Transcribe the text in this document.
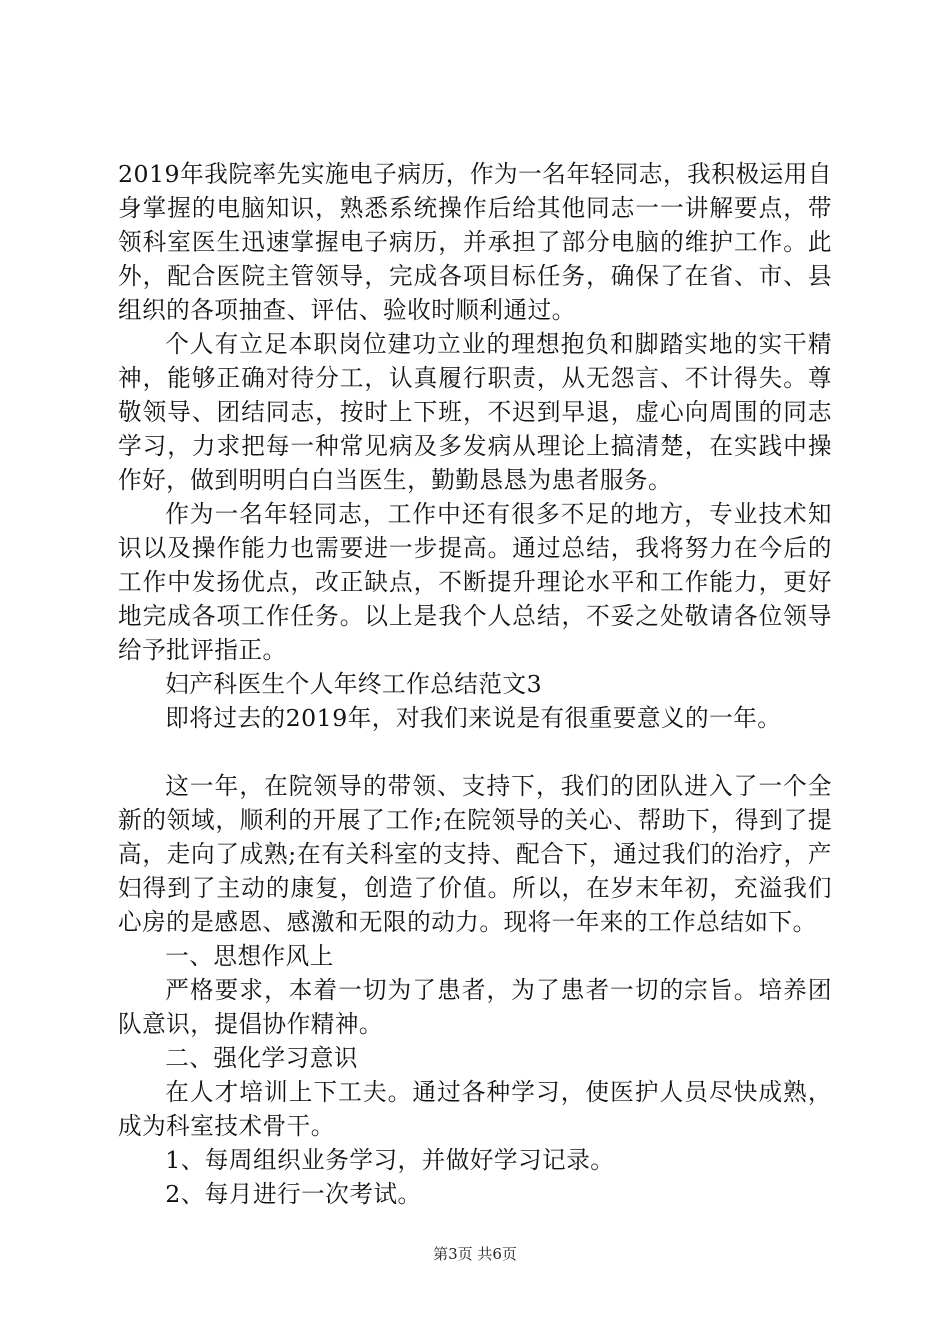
2019年我院率先实施电子病历，作为一名年轻同志，我积极运用自身掌握的电脑知识，熟悉系统操作后给其他同志一一讲解要点，带领科室医生迅速掌握电子病历，并承担了部分电脑的维护工作。此外，配合医院主管领导，完成各项目标任务，确保了在省、市、县组织的各项抽查、评估、验收时顺利通过。

个人有立足本职岗位建功立业的理想抱负和脚踏实地的实干精神，能够正确对待分工，认真履行职责，从无怨言、不计得失。尊敬领导、团结同志，按时上下班，不迟到早退，虚心向周围的同志学习，力求把每一种常见病及多发病从理论上搞清楚，在实践中操作好，做到明明白白当医生，勤勤恳恳为患者服务。

作为一名年轻同志，工作中还有很多不足的地方，专业技术知识以及操作能力也需要进一步提高。通过总结，我将努力在今后的工作中发扬优点，改正缺点，不断提升理论水平和工作能力，更好地完成各项工作任务。以上是我个人总结，不妥之处敬请各位领导给予批评指正。

妇产科医生个人年终工作总结范文3

即将过去的2019年，对我们来说是有很重要意义的一年。

这一年，在院领导的带领、支持下，我们的团队进入了一个全新的领域，顺利的开展了工作;在院领导的关心、帮助下，得到了提高，走向了成熟;在有关科室的支持、配合下，通过我们的治疗，产妇得到了主动的康复，创造了价值。所以，在岁末年初，充溢我们心房的是感恩、感激和无限的动力。现将一年来的工作总结如下。

一、思想作风上

严格要求，本着一切为了患者，为了患者一切的宗旨。培养团队意识，提倡协作精神。

二、强化学习意识

在人才培训上下工夫。通过各种学习，使医护人员尽快成熟，成为科室技术骨干。

1、每周组织业务学习，并做好学习记录。

2、每月进行一次考试。

第3页 共6页
